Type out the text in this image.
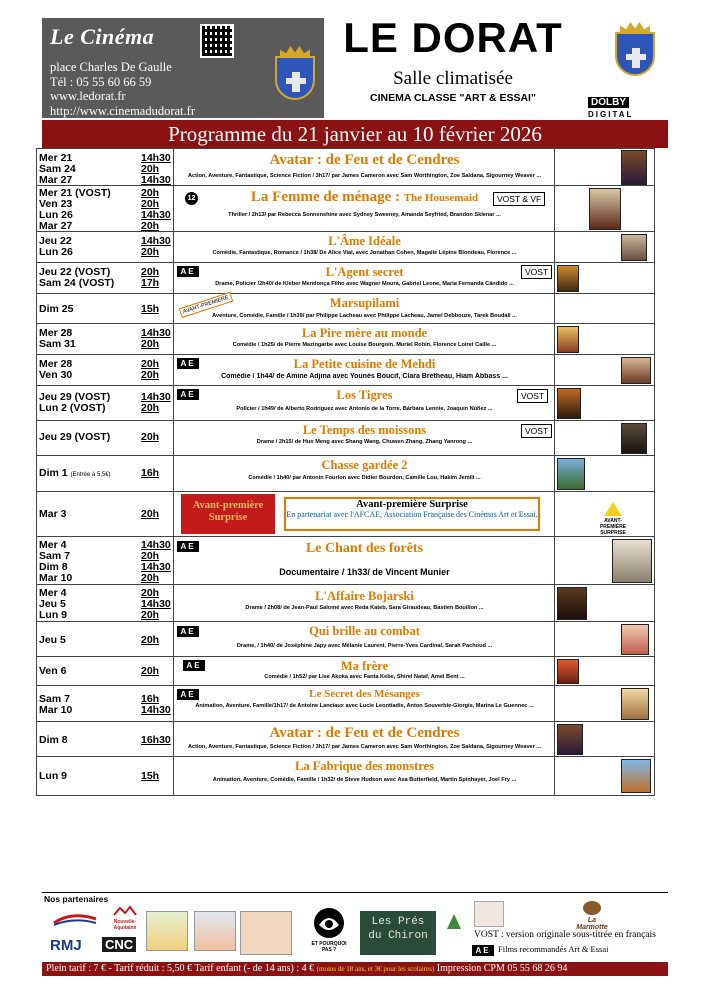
Le Cinéma
place Charles De Gaulle
Tél : 05 55 60 66 59
www.ledorat.fr
http://www.cinemadudorat.fr
LE DORAT
Salle climatisée
CINEMA CLASSE "ART & ESSAI"	DOLBY
DIGITAL
Programme du 21 janvier au 10 février 2026
Mer 21	14h30
Sam 24	20h
Mar 27	14h30
Avatar : de Feu et de Cendres
Action, Aventure, Fantastique, Science Fiction / 3h17/ par James Cameron avec Sam Worthington, Zoe Saldana, Sigourney Weaver ...
Mer 21 (VOST)	20h
Ven 23	20h
Lun 26	14h30
Mar 27	20h
12	La Femme de ménage : The Housemaid	VOST & VF
Thriller / 2h13/ par Rebecca Sonnenshine avec Sydney Sweeney, Amanda Seyfried, Brandon Sklenar ...
Jeu 22	14h30
Lun 26	20h
L'Âme Idéale
Comédie, Fantastique, Romance / 1h38/ De Alice Vial, avec Jonathan Cohen, Magalie Lépine Blondeau, Florence ...
Jeu 22 (VOST)	20h
Sam 24 (VOST)	17h
AE	L'Agent secret	VOST
Drame, Policier /2h40/ de Kleber Mendonça Filho avec Wagner Moura, Gabriel Leone, Maria Fernanda Cândido ...
Dim 25	15h	AVANT-PREMIERE	Marsupilami
Aventure, Comédie, Famille / 1h39/ par Philippe Lacheau avec Philippe Lacheau, Jamel Debbouze, Tarek Boudali ...
Mer 28	14h30
Sam 31	20h
La Pire mère au monde
Comédie / 1h25/ de Pierre Mazingarbe avec Louise Bourgoin, Muriel Robin, Florence Loiret Caille ...
Mer 28	20h
Ven 30	20h
AE	La Petite cuisine de Mehdi
Comédie / 1h44/ de Amine Adjina avec Younès Boucif, Clara Bretheau, Hiam Abbass ...
Jeu 29 (VOST)	14h30
Lun 2 (VOST)	20h
AE	Los Tigres	VOST
Policier / 1h49/ de Alberto Rodriguez avec Antonio de la Torre, Bárbara Lennie, Joaquín Núñez ...
Jeu 29 (VOST)	20h	Le Temps des moissons	VOST
Drame / 2h15/ de Huo Meng avec Shang Wang, Chuwen Zhang, Zhang Yanrong ...
Dim 1 (Entrée à 5,5€)	16h
Chasse gardée 2
Comédie / 1h40/ par Antonin Fourlon avec Didier Bourdon, Camille Lou, Hakim Jemili ...
Mar 3	20h
Avant-première Surprise
Avant-première Surprise
En partenariat avec l'AFCAE, Association Française des Cinémas Art et Essai.
AVANT-PREMIÈRE SURPRISE
Mer 4	14h30
Sam 7	20h
Dim 8	14h30
Mar 10	20h
AE	Le Chant des forêts
Documentaire / 1h33/ de Vincent Munier
Mer 4	20h
Jeu 5	14h30
Lun 9	20h
L'Affaire Bojarski
Drame / 2h08/ de Jean-Paul Salomé avec Reda Kateb, Sara Giraudeau, Bastien Bouillon ...
Jeu 5	20h
AE	Qui brille au combat
Drame, / 1h40/ de Joséphine Japy avec Mélanie Laurent, Pierre-Yves Cardinal, Sarah Pachoud ...
Ven 6	20h	AE	Ma frère
Comédie / 1h52/ par Lise Akoka avec Fanta Kebe, Shirel Nataf, Amel Bent ...
Sam 7	16h
Mar 10	14h30
AE	Le Secret des Mésanges
Animation, Aventure, Famille/1h17/ de Antoine Lanciaux avec Lucie Leontiadis, Anton Souverbie-Giorgis, Marina Le Guennec ...
Dim 8	16h30	Avatar : de Feu et de Cendres
Action, Aventure, Fantastique, Science Fiction / 3h17/ par James Cameron avec Sam Worthington, Zoe Saldana, Sigourney Weaver ...
Lun 9	15h
La Fabrique des monstres
Animation, Aventure, Comédie, Famille / 1h32/ de Steve Hudson avec Asa Butterfield, Martin Spinhayer, Joel Fry ...
Nos partenaires
RMJ
Nouvelle-Aquitaine
CNC	ET POURQUOI PAS ?
Les Prés
du Chiron
La Marmotte
VOST : version originale sous-titrée en français
AE Films recommandés Art & Essai
Plein tarif : 7 € - Tarif réduit : 5,50 € Tarif enfant (- de 14 ans) : 4 € (moins de 18 ans, et 3€ pour les scolaires) Impression CPM 05 55 68 26 94
